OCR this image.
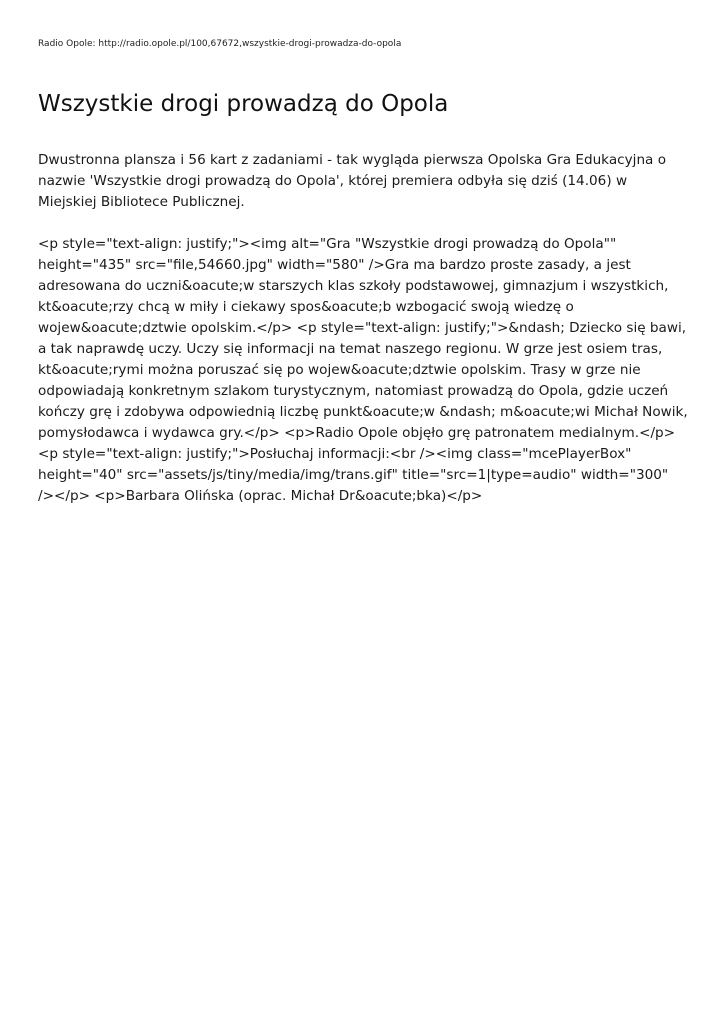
Radio Opole: http://radio.opole.pl/100,67672,wszystkie-drogi-prowadza-do-opola
Wszystkie drogi prowadzą do Opola

Dwustronna plansza i 56 kart z zadaniami - tak wygląda pierwsza Opolska Gra Edukacyjna o nazwie 'Wszystkie drogi prowadzą do Opola', której premiera odbyła się dziś (14.06) w Miejskiej Bibliotece Publicznej.

<p style="text-align: justify;"><img alt="Gra "Wszystkie drogi prowadzą do Opola"" height="435" src="file,54660.jpg" width="580" />Gra ma bardzo proste zasady, a jest adresowana do uczni&oacute;w starszych klas szkoły podstawowej, gimnazjum i wszystkich, kt&oacute;rzy chcą w miły i ciekawy spos&oacute;b wzbogacić swoją wiedzę o wojew&oacute;dztwie opolskim.</p> <p style="text-align: justify;">&ndash; Dziecko się bawi, a tak naprawdę uczy. Uczy się informacji na temat naszego regionu. W grze jest osiem tras, kt&oacute;rymi można poruszać się po wojew&oacute;dztwie opolskim. Trasy w grze nie odpowiadają konkretnym szlakom turystycznym, natomiast prowadzą do Opola, gdzie uczeń kończy grę i zdobywa odpowiednią liczbę punkt&oacute;w &ndash; m&oacute;wi Michał Nowik, pomysłodawca i wydawca gry.</p> <p>Radio Opole objęło grę patronatem medialnym.</p> <p style="text-align: justify;">Posłuchaj informacji:<br /><img class="mcePlayerBox" height="40" src="assets/js/tiny/media/img/trans.gif" title="src=1|type=audio" width="300" /></p> <p>Barbara Olińska (oprac. Michał Dr&oacute;bka)</p>
